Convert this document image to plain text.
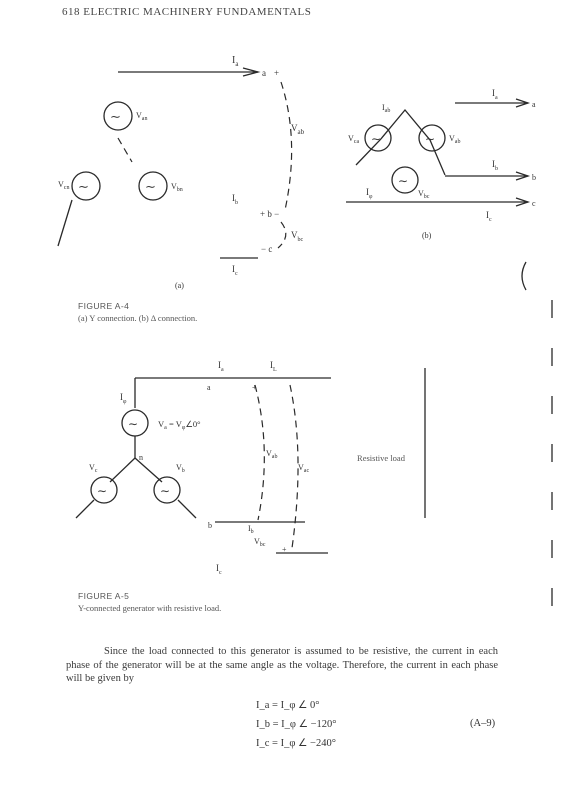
618 ELECTRIC MACHINERY FUNDAMENTALS
$I_a$
a +
$V_{ab}$
∼ $V_{an}$
∼
$V_{cn}$	∼ $V_{bn}$
$I_b$
+ b −
$V_{bc}$
− c
$I_c$
(a)
∼	∼
∼
$I_{ab}$
$V_{ca}$	$V_{ab}$
$V_{bc}$
$I_a$
a
$I_b$
b
$I_\varphi$
$I_c$
c
(b)
$I_a$	$I_L$
a	+
$I_\varphi$
∼ $V_a$ = $V_\varphi\angle 0^\circ$
n
∼	∼
$V_c$	$V_b$
$V_{ab}$
$V_{ac}$
b	$I_b$
$V_{bc}$ +
$I_c$
Resistive load
FIGURE A-4
(a) Y connection. (b) Δ connection.
FIGURE A-5
Y-connected generator with resistive load.

Since the load connected to this generator is assumed to be resistive, the current in each phase of the generator will be at the same angle as the voltage. Therefore, the current in each phase will be given by

I_a = I_φ ∠ 0°
I_b = I_φ ∠ −120°
I_c = I_φ ∠ −240°
(A–9)
